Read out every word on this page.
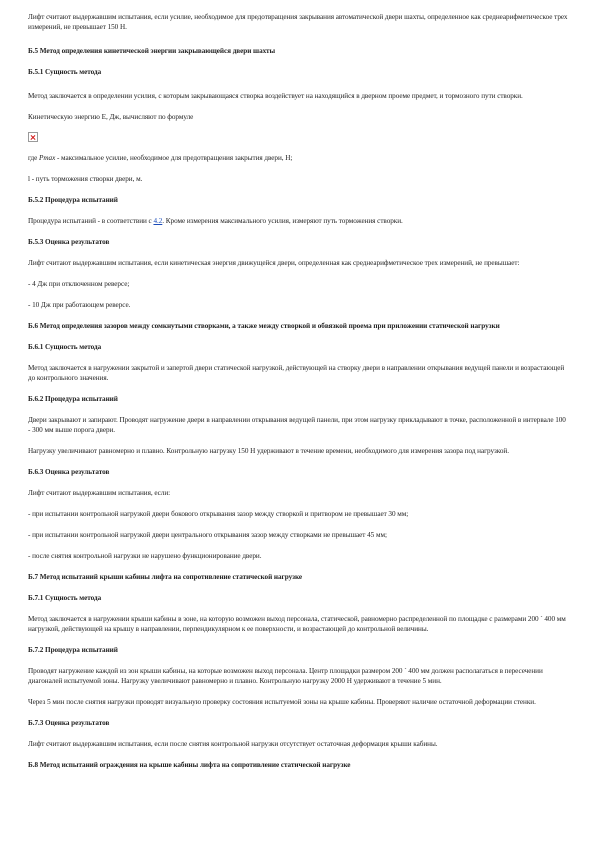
Лифт считают выдержавшим испытания, если усилие, необходимое для предотвращения закрывания автоматической двери шахты, определенное как среднеарифметическое трех измерений, не превышает 150 Н.

Б.5 Метод определения кинетической энергии закрывающейся двери шахты

Б.5.1 Сущность метода

Метод заключается в определении усилия, с которым закрывающаяся створка воздействует на находящийся в дверном проеме предмет, и тормозного пути створки.

Кинетическую энергию Е, Дж, вычисляют по формуле

где Pmax - максимальное усилие, необходимое для предотвращения закрытия двери, Н;

l - путь торможения створки двери, м.

Б.5.2 Процедура испытаний

Процедура испытаний - в соответствии с 4.2. Кроме измерения максимального усилия, измеряют путь торможения створки.

Б.5.3 Оценка результатов

Лифт считают выдержавшим испытания, если кинетическая энергия движущейся двери, определенная как среднеарифметическое трех измерений, не превышает:

- 4 Дж при отключенном реверсе;

- 10 Дж при работающем реверсе.

Б.6 Метод определения зазоров между сомкнутыми створками, а также между створкой и обвязкой проема при приложении статической нагрузки

Б.6.1 Сущность метода

Метод заключается в нагружении закрытой и запертой двери статической нагрузкой, действующей на створку двери в направлении открывания ведущей панели и возрастающей до контрольного значения.

Б.6.2 Процедура испытаний

Двери закрывают и запирают. Проводят нагружение двери в направлении открывания ведущей панели, при этом нагрузку прикладывают в точке, расположенной в интервале 100 - 300 мм выше порога двери.

Нагрузку увеличивают равномерно и плавно. Контрольную нагрузку 150 Н удерживают в течение времени, необходимого для измерения зазора под нагрузкой.

Б.6.3 Оценка результатов

Лифт считают выдержавшим испытания, если:

- при испытании контрольной нагрузкой двери бокового открывания зазор между створкой и притвором не превышает 30 мм;

- при испытании контрольной нагрузкой двери центрального открывания зазор между створками не превышает 45 мм;

- после снятия контрольной нагрузки не нарушено функционирование двери.

Б.7 Метод испытаний крыши кабины лифта на сопротивление статической нагрузке

Б.7.1 Сущность метода

Метод заключается в нагружении крыши кабины в зоне, на которую возможен выход персонала, статической, равномерно распределенной по площадке с размерами 200 ´ 400 мм нагрузкой, действующей на крышу в направлении, перпендикулярном к ее поверхности, и возрастающей до контрольной величины.

Б.7.2 Процедура испытаний

Проводят нагружение каждой из зон крыши кабины, на которые возможен выход персонала. Центр площадки размером 200 ´ 400 мм должен располагаться в пересечении диагоналей испытуемой зоны. Нагрузку увеличивают равномерно и плавно. Контрольную нагрузку 2000 Н удерживают в течение 5 мин.

Через 5 мин после снятия нагрузки проводят визуальную проверку состояния испытуемой зоны на крыше кабины. Проверяют наличие остаточной деформации стенки.

Б.7.3 Оценка результатов

Лифт считают выдержавшим испытания, если после снятия контрольной нагрузки отсутствует остаточная деформация крыши кабины.

Б.8 Метод испытаний ограждения на крыше кабины лифта на сопротивление статической нагрузке
